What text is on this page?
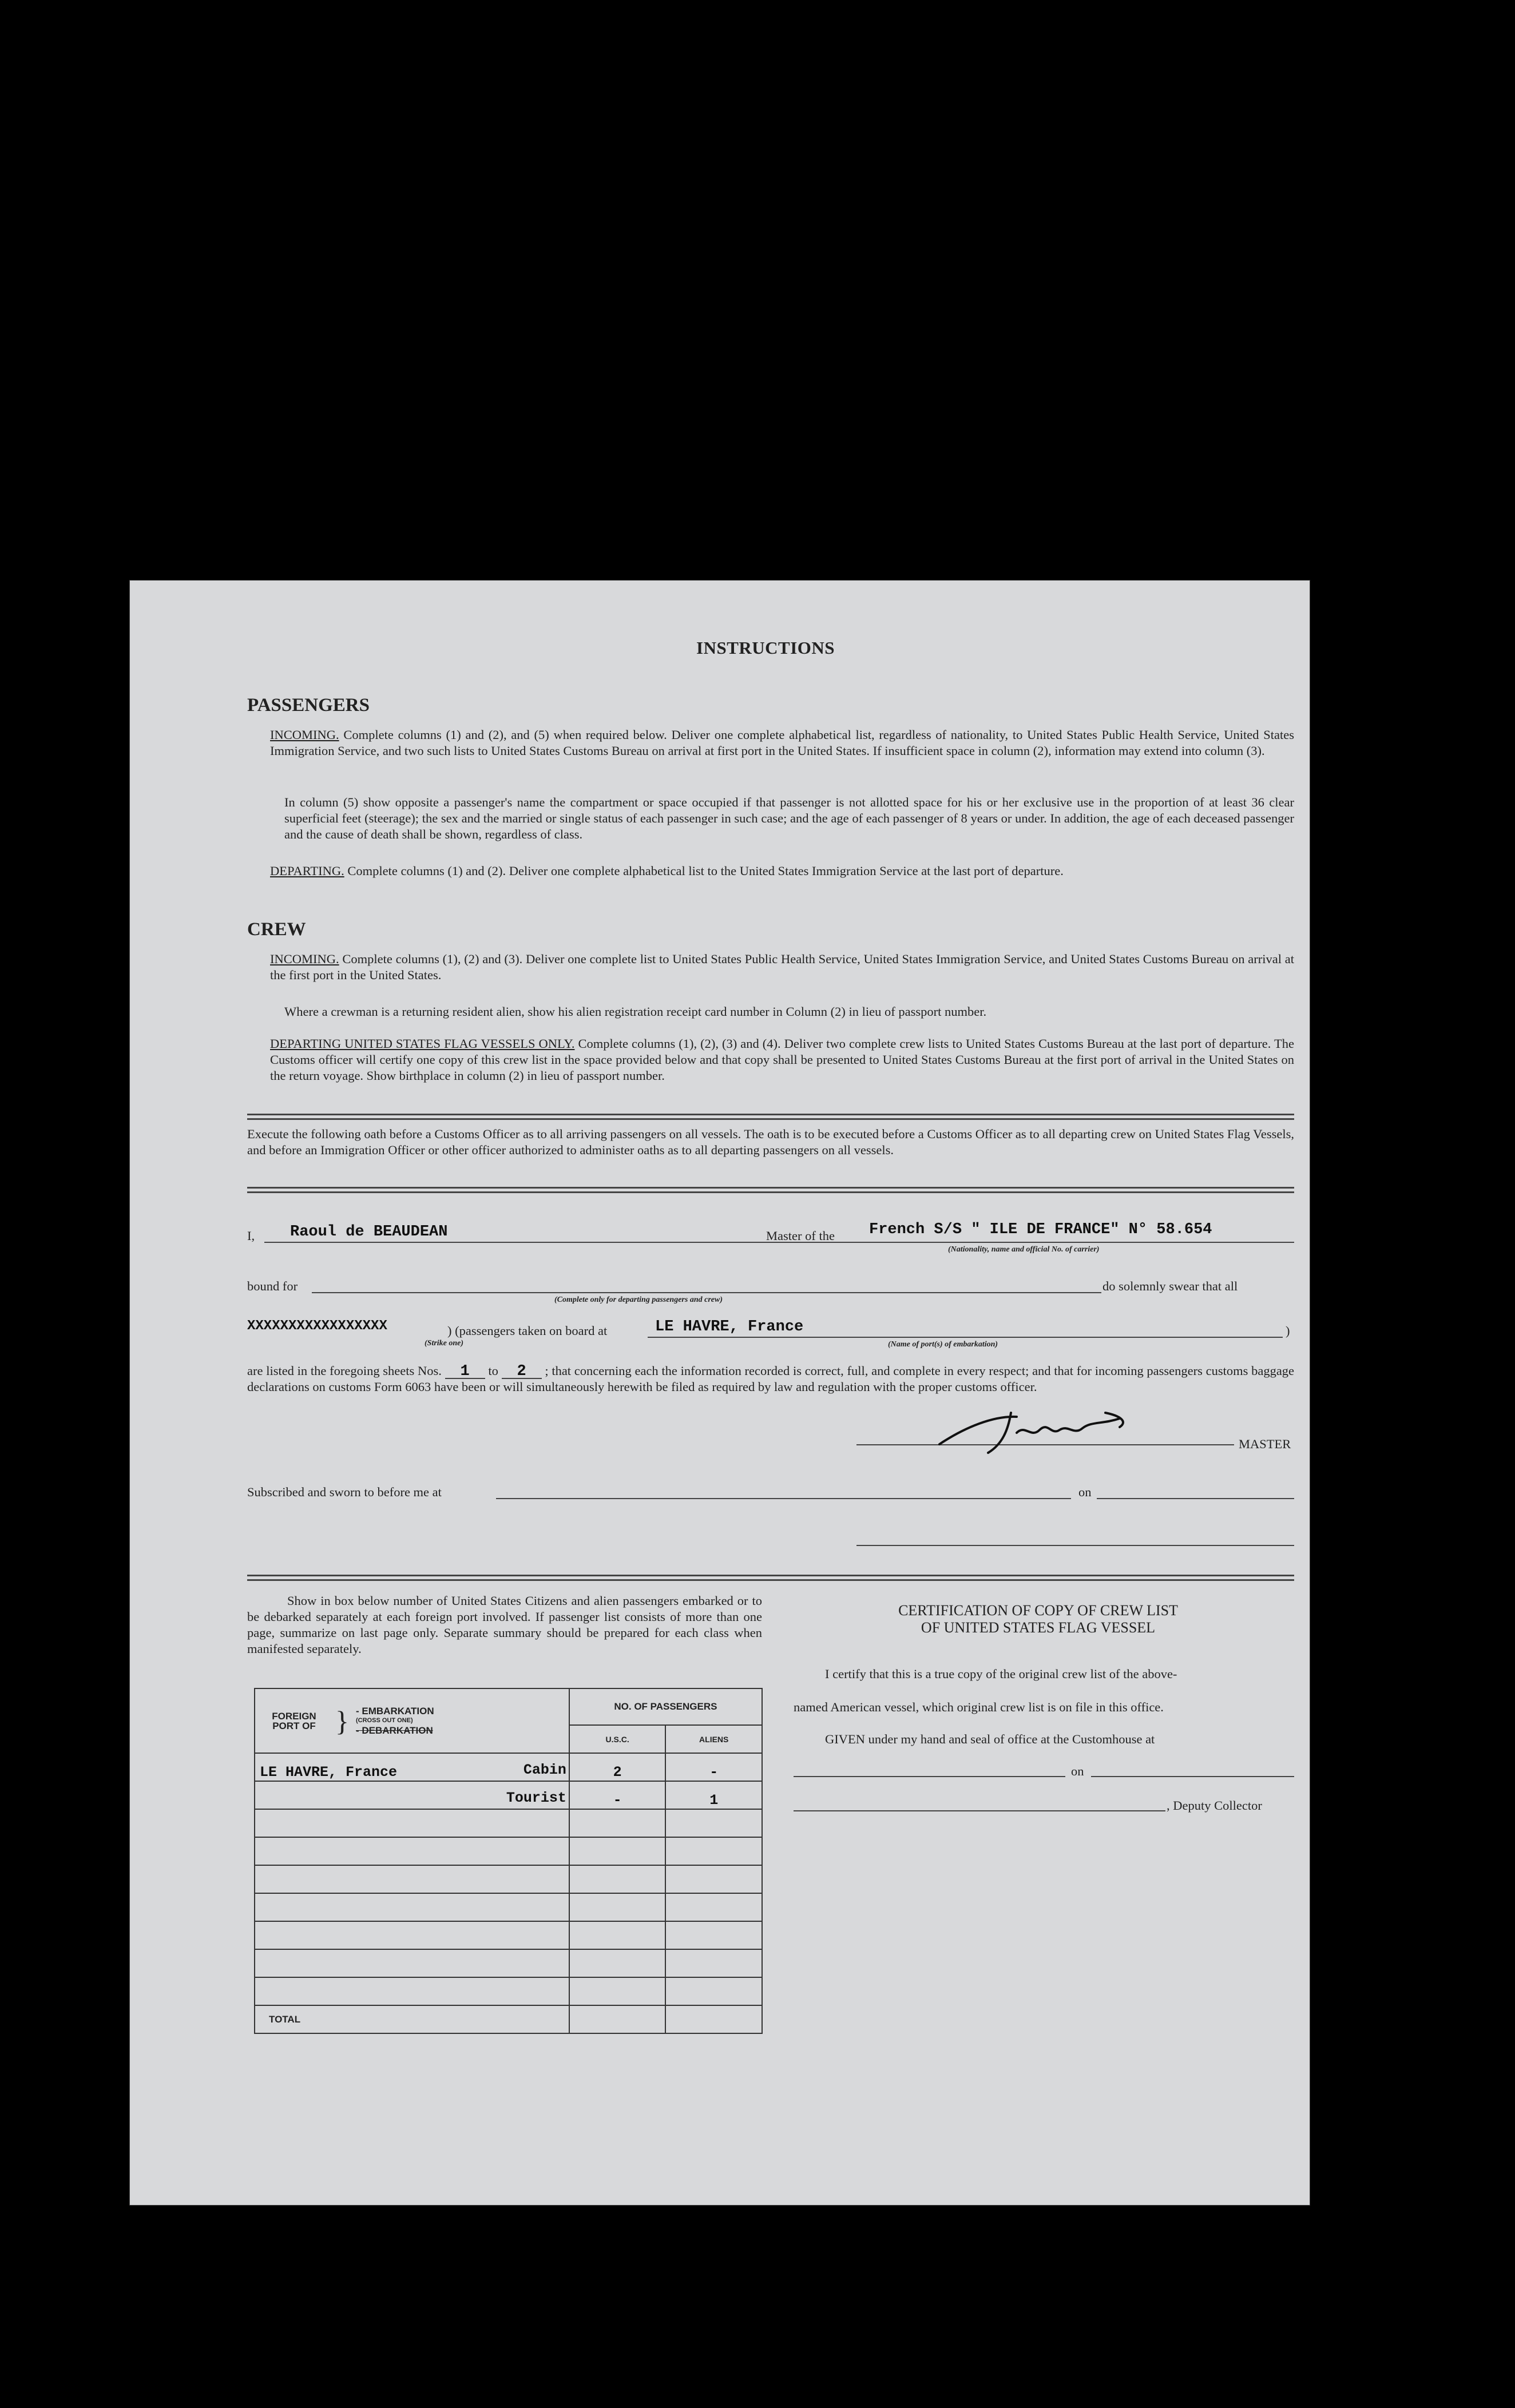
INSTRUCTIONS
PASSENGERS
INCOMING. Complete columns (1) and (2), and (5) when required below. Deliver one complete alphabetical list, regardless of nationality, to United States Public Health Service, United States Immigration Service, and two such lists to United States Customs Bureau on arrival at first port in the United States. If insufficient space in column (2), information may extend into column (3).
In column (5) show opposite a passenger's name the compartment or space occupied if that passenger is not allotted space for his or her exclusive use in the proportion of at least 36 clear superficial feet (steerage); the sex and the married or single status of each passenger in such case; and the age of each passenger of 8 years or under. In addition, the age of each deceased passenger and the cause of death shall be shown, regardless of class.
DEPARTING. Complete columns (1) and (2). Deliver one complete alphabetical list to the United States Immigration Service at the last port of departure.
CREW
INCOMING. Complete columns (1), (2) and (3). Deliver one complete list to United States Public Health Service, United States Immigration Service, and United States Customs Bureau on arrival at the first port in the United States.
Where a crewman is a returning resident alien, show his alien registration receipt card number in Column (2) in lieu of passport number.
DEPARTING UNITED STATES FLAG VESSELS ONLY. Complete columns (1), (2), (3) and (4). Deliver two complete crew lists to United States Customs Bureau at the last port of departure. The Customs officer will certify one copy of this crew list in the space provided below and that copy shall be presented to United States Customs Bureau at the first port of arrival in the United States on the return voyage. Show birthplace in column (2) in lieu of passport number.
Execute the following oath before a Customs Officer as to all arriving passengers on all vessels. The oath is to be executed before a Customs Officer as to all departing crew on United States Flag Vessels, and before an Immigration Officer or other officer authorized to administer oaths as to all departing passengers on all vessels.
I, Raoul de BEAUDEAN	Master of the French S/S " ILE DE FRANCE" N° 58.654
(Nationality, name and official No. of carrier)
bound for
(Complete only for departing passengers and crew)
do solemnly swear that all
XXXXXXXXXXXXXXXXX
(Strike one)
) (passengers taken on board at	LE HAVRE, France
(Name of port(s) of embarkation)
)
are listed in the foregoing sheets Nos. 1 to 2 ; that concerning each the information recorded is correct, full, and complete in every respect; and that for incoming passengers customs baggage declarations on customs Form 6063 have been or will simultaneously herewith be filed as required by law and regulation with the proper customs officer.
MASTER
Subscribed and sworn to before me at	on
Show in box below number of United States Citizens and alien passengers embarked or to be debarked separately at each foreign port involved. If passenger list consists of more than one page, summarize on last page only. Separate summary should be prepared for each class when manifested separately.
FOREIGN PORT OF } - EMBARKATION
(CROSS OUT ONE)
- DEBARKATION	NO. OF PASSENGERS	
	U.S.C.	ALIENS
LE HAVRE, France Cabin	2	-

Tourist	-	1

TOTAL		
CERTIFICATION OF COPY OF CREW LIST
OF UNITED STATES FLAG VESSEL
I certify that this is a true copy of the original crew list of the above-
named American vessel, which original crew list is on file in this office.
GIVEN under my hand and seal of office at the Customhouse at
on
, Deputy Collector
